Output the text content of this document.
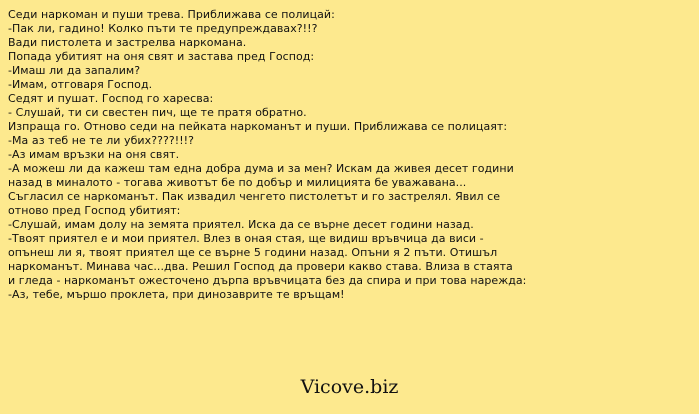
Седи наркоман и пуши трева. Приближава се полицай:
-Пак ли, гадино! Колко пъти те предупреждавах?!!?
Вади пистолета и застрелва наркомана.
Попада убитият на оня свят и застава пред Господ:
-Имаш ли да запалим?
-Имам, отговаря Господ.
Седят и пушат. Господ го харесва:
- Слушай, ти си свестен пич, ще те пратя обратно.
Изпраща го. Отново седи на пейката наркоманът и пуши. Приближава се полицаят:
-Ма аз теб не те ли убих????!!!?
-Аз имам връзки на оня свят.
-А можеш ли да кажеш там една добра дума и за мен? Искам да живея десет години
назад в миналото - тогава животът бе по добър и милицията бе уважавана...
Съгласил се наркоманът. Пак извадил ченгето пистолетът и го застрелял. Явил се
отново пред Господ убитият:
-Слушай, имам долу на земята приятел. Иска да се върне десет години назад.
-Твоят приятел е и мои приятел. Влез в оная стая, ще видиш връвчица да виси -
опънеш ли я, твоят приятел ще се върне 5 години назад. Опъни я 2 пъти. Отишъл
наркоманът. Минава час...два. Решил Господ да провери какво става. Влиза в стаята
и гледа - наркоманът ожесточено дърпа връвчицата без да спира и при това нарежда:
-Аз, тебе, мършо проклета, при динозаврите те връщам!
Vicove.biz
